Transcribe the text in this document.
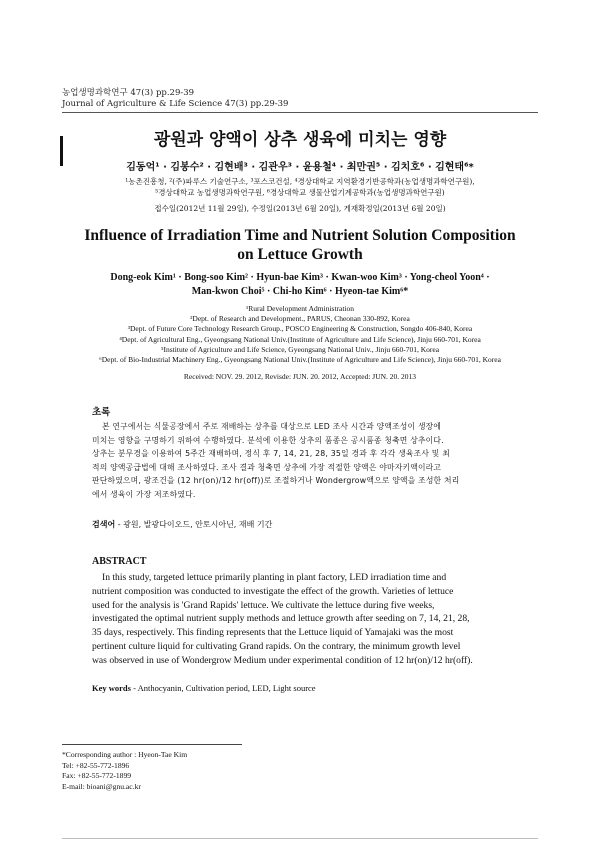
농업생명과학연구 47(3) pp.29-39
Journal of Agriculture & Life Science 47(3) pp.29-39
광원과 양액이 상추 생육에 미치는 영향
김동억¹ · 김봉수² · 김현배³ · 김관우³ · 윤용철⁴ · 최만권⁵ · 김치호⁶ · 김현태⁶*
¹농촌진흥청, ²(주)파루스 기술연구소, ³포스코건설, ⁴경상대학교 지역환경기반공학과(농업생명과학연구원),
⁵경상대학교 농업생명과학연구원, ⁶경상대학교 생물산업기계공학과(농업생명과학연구원)
접수일(2012년 11월 29일), 수정일(2013년 6월 20일), 게재확정일(2013년 6월 20일)
Influence of Irradiation Time and Nutrient Solution Composition
on Lettuce Growth
Dong-eok Kim¹ · Bong-soo Kim² · Hyun-bae Kim³ · Kwan-woo Kim³ · Yong-cheol Yoon⁴ ·
Man-kwon Choi⁵ · Chi-ho Kim⁶ · Hyeon-tae Kim⁶*
¹Rural Development Administration
²Dept. of Research and Development., PARUS, Cheonan 330-892, Korea
³Dept. of Future Core Technology Research Group., POSCO Engineering & Construction, Songdo 406-840, Korea
⁴Dept. of Agricultural Eng., Gyeongsang National Univ.(Institute of Agriculture and Life Science), Jinju 660-701, Korea
⁵Institute of Agriculture and Life Science, Gyeongsang National Univ., Jinju 660-701, Korea
⁶Dept. of Bio-Industrial Machinery Eng., Gyeongsang National Univ.(Institute of Agriculture and Life Science), Jinju 660-701, Korea
Received: NOV. 29. 2012, Revisde: JUN. 20. 2012, Accepted: JUN. 20. 2013
초록
본 연구에서는 식물공장에서 주로 재배하는 상추를 대상으로 LED 조사 시간과 양액조성이 생장에
미치는 영향을 구명하기 위하여 수행하였다. 분석에 이용한 상추의 품종은 공시품종 청축면 상추이다.
상추는 분무경을 이용하여 5주간 재배하며, 정식 후 7, 14, 21, 28, 35일 경과 후 각각 생육조사 및 최
적의 양액공급법에 대해 조사하였다. 조사 결과 청축면 상추에 가장 적절한 양액은 야마자키액이라고
판단하였으며, 광조건을 (12 hr(on)/12 hr(off))로 조절하거나 Wondergrow액으로 양액을 조성한 처리
에서 생육이 가장 저조하였다.
검색어 - 광원, 발광다이오드, 안토시아닌, 재배 기간
ABSTRACT
In this study, targeted lettuce primarily planting in plant factory, LED irradiation time and
nutrient composition was conducted to investigate the effect of the growth. Varieties of lettuce
used for the analysis is 'Grand Rapids' lettuce. We cultivate the lettuce during five weeks,
investigated the optimal nutrient supply methods and lettuce growth after seeding on 7, 14, 21, 28,
35 days, respectively. This finding represents that the Lettuce liquid of Yamajaki was the most
pertinent culture liquid for cultivating Grand rapids. On the contrary, the minimum growth level
was observed in use of Wondergrow Medium under experimental condition of 12 hr(on)/12 hr(off).
Key words - Anthocyanin, Cultivation period, LED, Light source
*Corresponding author : Hyeon-Tae Kim
Tel: +82-55-772-1896
Fax: +82-55-772-1899
E-mail: bioani@gnu.ac.kr
